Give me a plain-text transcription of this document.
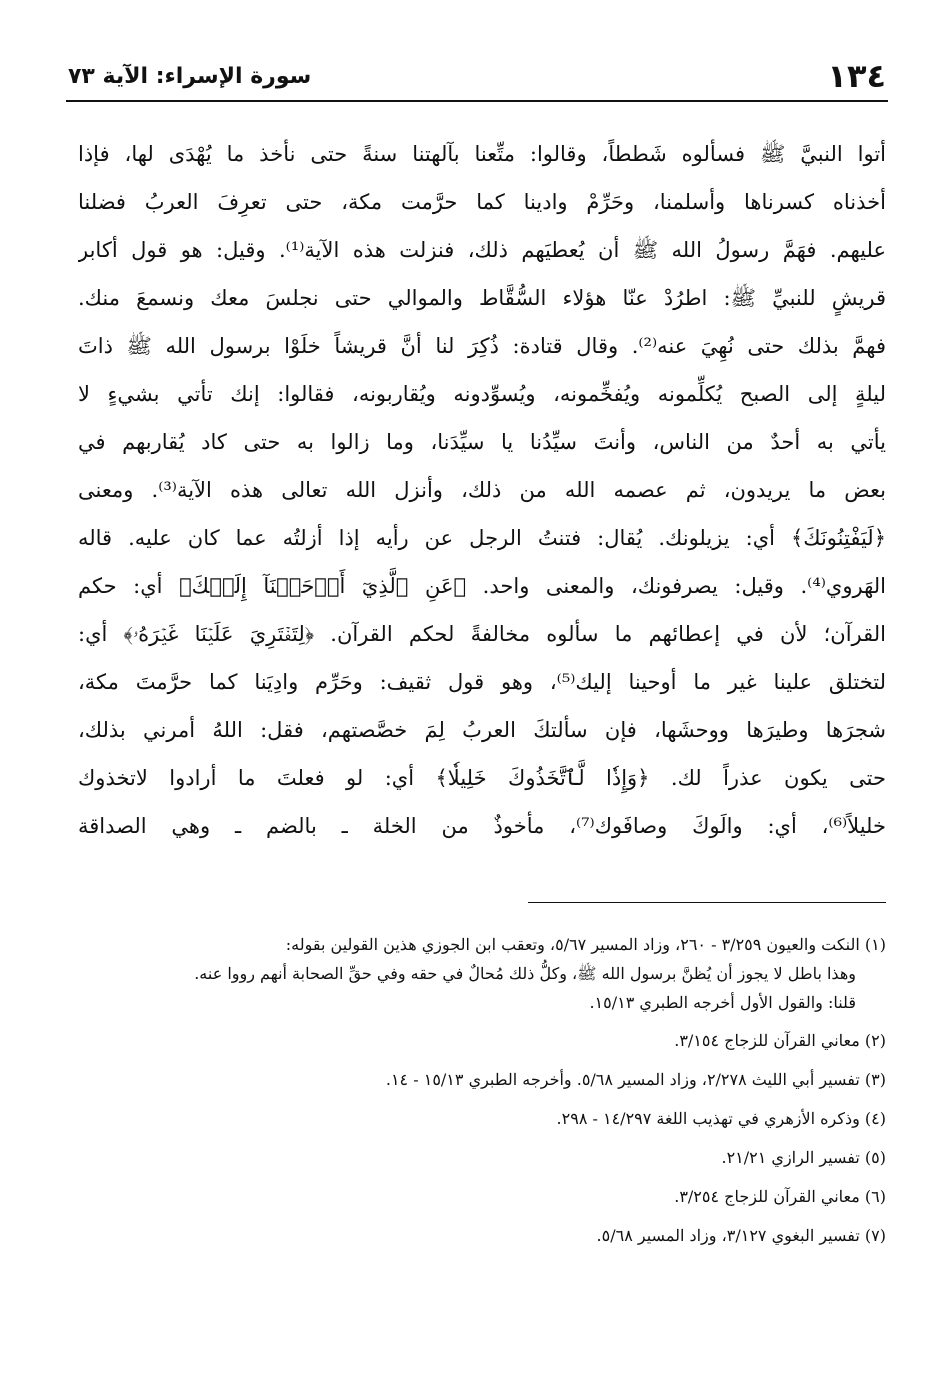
١٣٤
سورة الإسراء: الآية ٧٣
أتوا النبيَّ ﷺ فسألوه شَططاً، وقالوا: متِّعنا بآلهتنا سنةً حتى نأخذ ما يُهْدَى لها، فإذا
أخذناه كسرناها وأسلمنا، وحَرِّمْ وادينا كما حرَّمت مكة، حتى تعرِفَ العربُ فضلنا
عليهم. فهَمَّ رسولُ الله ﷺ أن يُعطيَهم ذلك، فنزلت هذه الآية⁽¹⁾. وقيل: هو قول أكابر
قريشٍ للنبيِّ ﷺ: اطرُدْ عنّا هؤلاء السُّقَّاط والموالي حتى نجلسَ معك ونسمعَ منك.
فهمَّ بذلك حتى نُهِيَ عنه⁽²⁾. وقال قتادة: ذُكِرَ لنا أنَّ قريشاً خلَوْا برسول الله ﷺ ذاتَ
ليلةٍ إلى الصبح يُكلِّمونه ويُفخِّمونه، ويُسوِّدونه ويُقاربونه، فقالوا: إنك تأتي بشيءٍ لا
يأتي به أحدٌ من الناس، وأنتَ سيِّدُنا يا سيِّدَنا، وما زالوا به حتى كاد يُقاربهم في
بعض ما يريدون، ثم عصمه الله من ذلك، وأنزل الله تعالى هذه الآية⁽³⁾. ومعنى
﴿لَيَفْتِنُونَكَ﴾ أي: يزيلونك. يُقال: فتنتُ الرجل عن رأيه إذا أزلتُه عما كان عليه. قاله
الهَروي⁽⁴⁾. وقيل: يصرفونك، والمعنى واحد. ﴿عَنِ ٱلَّذِيٓ أَوۡحَيۡنَآ إِلَيۡكَ﴾ أي: حكم
القرآن؛ لأن في إعطائهم ما سألوه مخالفةً لحكم القرآن. ﴿لِتَفۡتَرِيَ عَلَيۡنَا غَيۡرَهُۥ﴾ أي:
لتختلق علينا غير ما أوحينا إليك⁽⁵⁾، وهو قول ثقيف: وحَرِّم وادِيَنا كما حرَّمتَ مكة،
شجرَها وطيرَها ووحشَها، فإن سألتكَ العربُ لِمَ خصَّصتهم، فقل: اللهُ أمرني بذلك،
حتى يكون عذراً لك. ﴿وَإِذٗا لَّٱتَّخَذُوكَ خَلِيلٗا﴾ أي: لو فعلتَ ما أرادوا لاتخذوك
خليلاً⁽⁶⁾، أي: والَوكَ وصافَوك⁽⁷⁾، مأخوذٌ من الخلة ـ بالضم ـ وهي الصداقة
(١) النكت والعيون ٣/٢٥٩ - ٢٦٠، وزاد المسير ٥/٦٧، وتعقب ابن الجوزي هذين القولين بقوله:
وهذا باطل لا يجوز أن يُظنَّ برسول الله ﷺ، وكلُّ ذلك مُحالٌ في حقه وفي حقِّ الصحابة أنهم رووا عنه.
قلنا: والقول الأول أخرجه الطبري ١٥/١٣.
(٢) معاني القرآن للزجاج ٣/١٥٤.
(٣) تفسير أبي الليث ٢/٢٧٨، وزاد المسير ٥/٦٨. وأخرجه الطبري ١٥/١٣ - ١٤.
(٤) وذكره الأزهري في تهذيب اللغة ١٤/٢٩٧ - ٢٩٨.
(٥) تفسير الرازي ٢١/٢١.
(٦) معاني القرآن للزجاج ٣/٢٥٤.
(٧) تفسير البغوي ٣/١٢٧، وزاد المسير ٥/٦٨.
